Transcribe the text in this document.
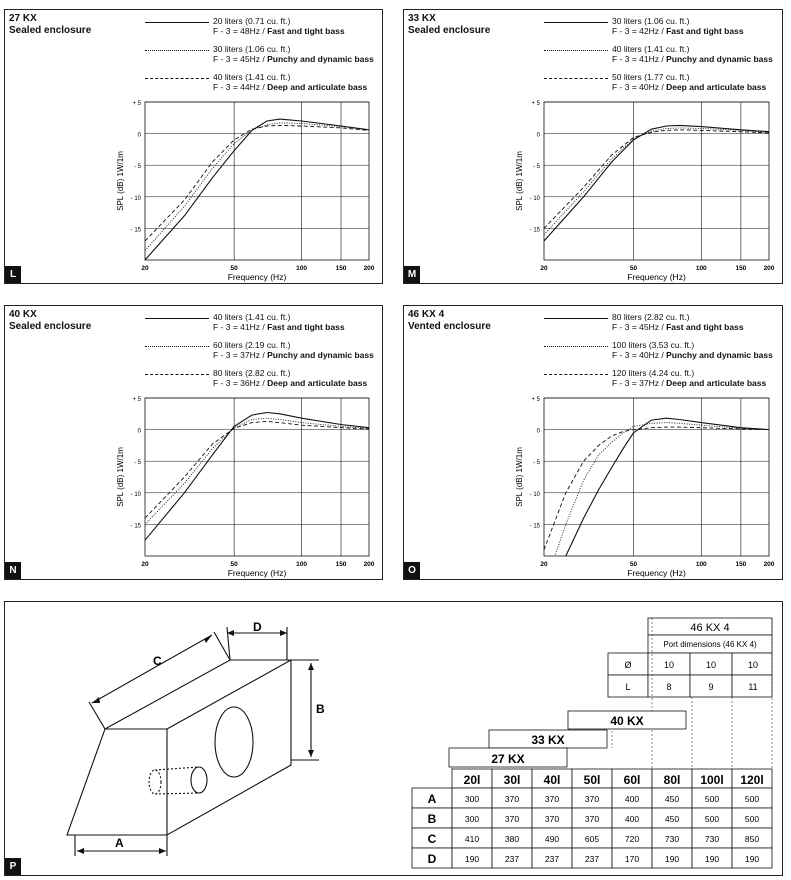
27 KX
Sealed enclosure
+ 5
0
- 5
- 10
- 15
20	50	100	150	200
Frequency (Hz)
SPL (dB) 1W/1m
L
20 liters (0.71 cu. ft.)
F - 3 = 48Hz / Fast and tight bass
30 liters (1.06 cu. ft.)
F - 3 = 45Hz / Punchy and dynamic bass
40 liters (1.41 cu. ft.)
F - 3 = 44Hz / Deep and articulate bass
33 KX
Sealed enclosure
+ 5
0
- 5
- 10
- 15
20	50	100	150	200
Frequency (Hz)
SPL (dB) 1W/1m
M
30 liters (1.06 cu. ft.)
F - 3 = 42Hz / Fast and tight bass
40 liters (1.41 cu. ft.)
F - 3 = 41Hz / Punchy and dynamic bass
50 liters (1.77 cu. ft.)
F - 3 = 40Hz / Deep and articulate bass
40 KX
Sealed enclosure
+ 5
0
- 5
- 10
- 15
20	50	100	150	200
Frequency (Hz)
SPL (dB) 1W/1m
N
40 liters (1.41 cu. ft.)
F - 3 = 41Hz / Fast and tight bass
60 liters (2.19 cu. ft.)
F - 3 = 37Hz / Punchy and dynamic bass
80 liters (2.82 cu. ft.)
F - 3 = 36Hz / Deep and articulate bass
46 KX 4
Vented enclosure
+ 5
0
- 5
- 10
- 15
20	50	100	150	200
Frequency (Hz)
SPL (dB) 1W/1m
O
80 liters (2.82 cu. ft.)
F - 3 = 45Hz / Fast and tight bass
100 liters (3.53 cu. ft.)
F - 3 = 40Hz / Punchy and dynamic bass
120 liters (4.24 cu. ft.)
F - 3 = 37Hz / Deep and articulate bass
C
D
B
A
46 KX 4
Port dimensions (46 KX 4)
Ø	10	10	10
L	8	9	11
40 KX
33 KX
27 KX
20l 30l 40l 50l 60l 80l 100l 120l
A	300	370	370	370	400	450	500	500
B	300	370	370	370	400	450	500	500
C	410	380	490	605	720	730	730	850
D	190	237	237	237	170	190	190	190
P
